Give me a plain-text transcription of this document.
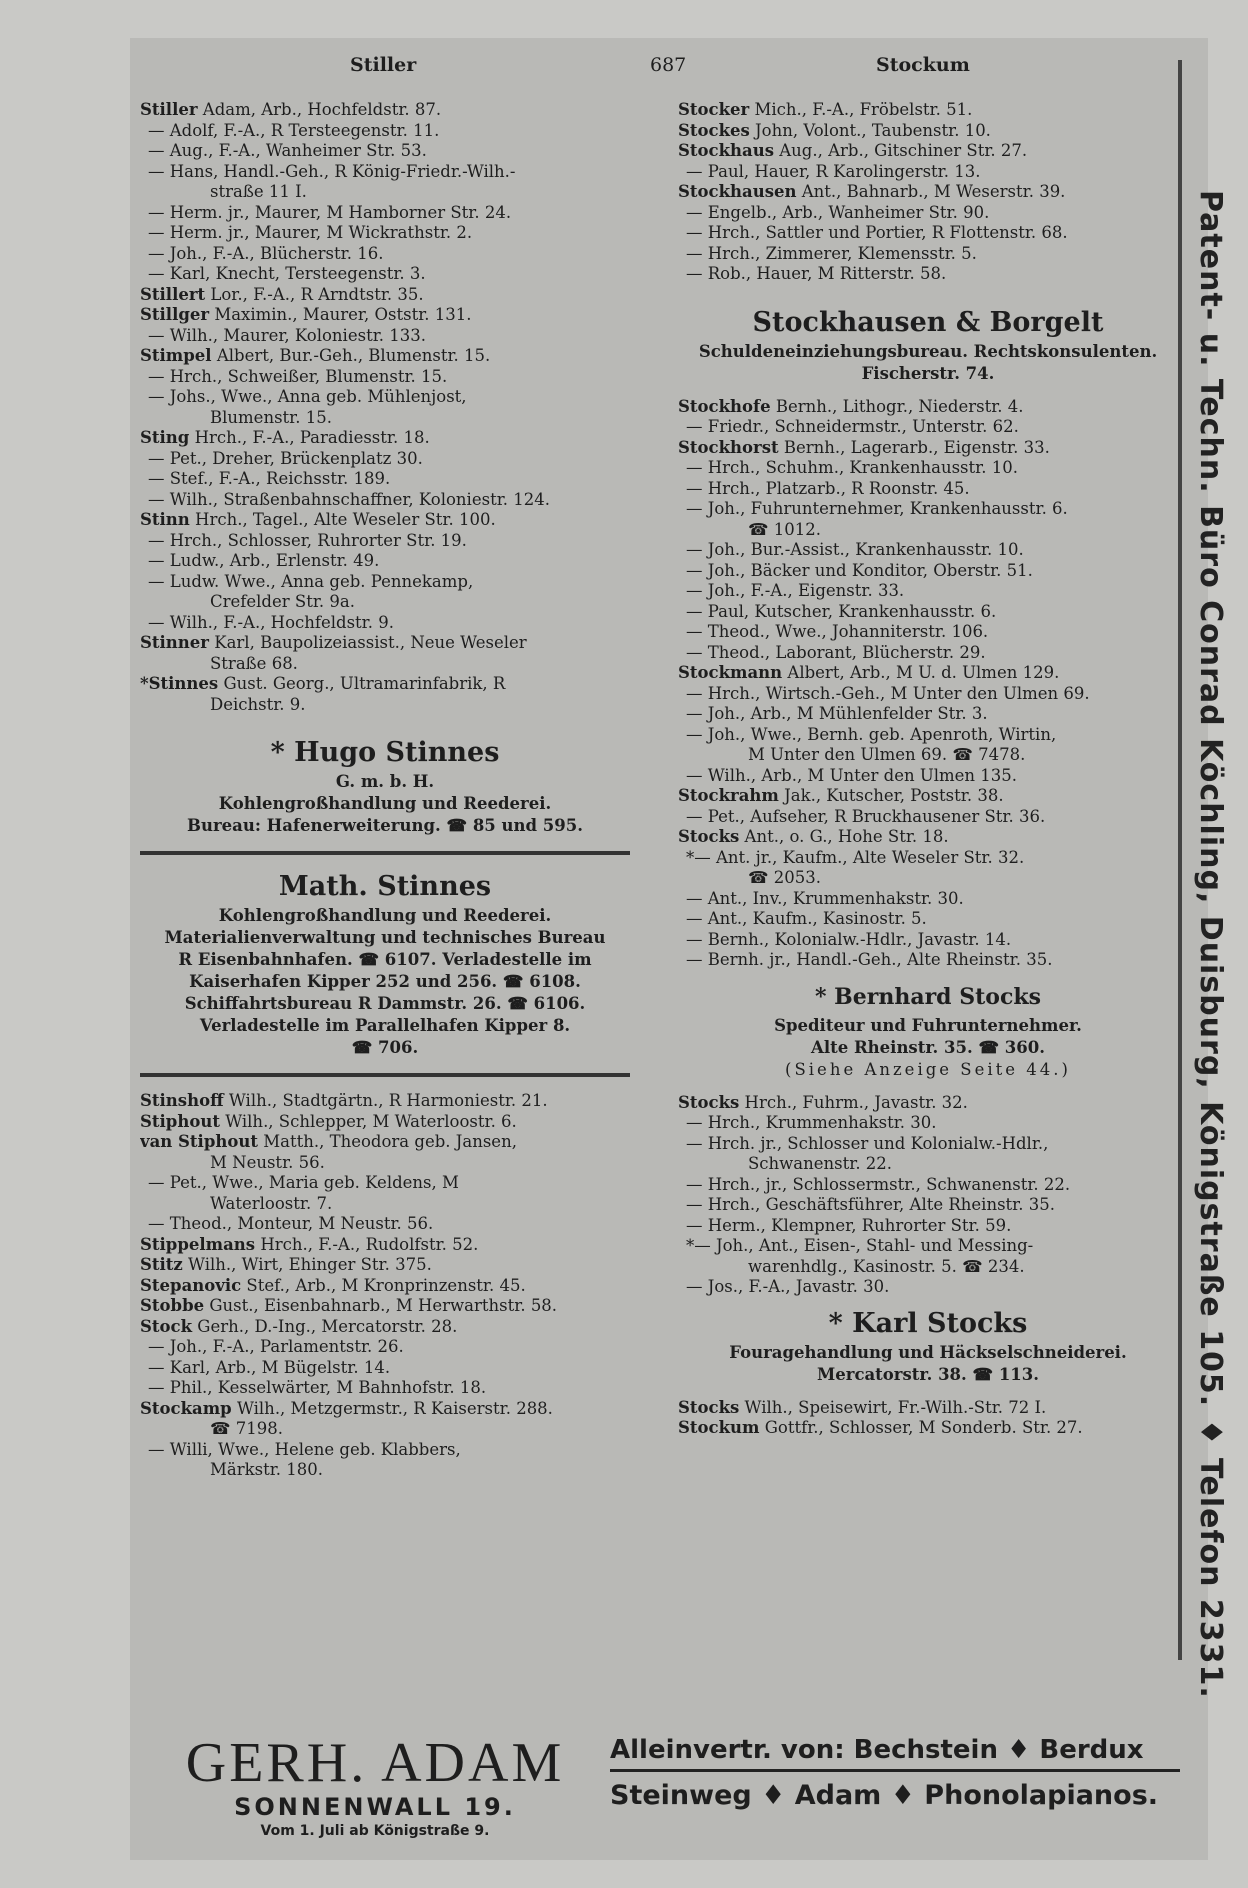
Stiller	687	Stockum
Stiller Adam, Arb., Hochfeldstr. 87.
— Adolf, F.-A., R Tersteegenstr. 11.
— Aug., F.-A., Wanheimer Str. 53.
— Hans, Handl.-Geh., R König-Friedr.-Wilh.-
straße 11 I.
— Herm. jr., Maurer, M Hamborner Str. 24.
— Herm. jr., Maurer, M Wickrathstr. 2.
— Joh., F.-A., Blücherstr. 16.
— Karl, Knecht, Tersteegenstr. 3.
Stillert Lor., F.-A., R Arndtstr. 35.
Stillger Maximin., Maurer, Oststr. 131.
— Wilh., Maurer, Koloniestr. 133.
Stimpel Albert, Bur.-Geh., Blumenstr. 15.
— Hrch., Schweißer, Blumenstr. 15.
— Johs., Wwe., Anna geb. Mühlenjost,
Blumenstr. 15.
Sting Hrch., F.-A., Paradiesstr. 18.
— Pet., Dreher, Brückenplatz 30.
— Stef., F.-A., Reichsstr. 189.
— Wilh., Straßenbahnschaffner, Koloniestr. 124.
Stinn Hrch., Tagel., Alte Weseler Str. 100.
— Hrch., Schlosser, Ruhrorter Str. 19.
— Ludw., Arb., Erlenstr. 49.
— Ludw. Wwe., Anna geb. Pennekamp,
Crefelder Str. 9a.
— Wilh., F.-A., Hochfeldstr. 9.
Stinner Karl, Baupolizeiassist., Neue Weseler
Straße 68.
*Stinnes Gust. Georg., Ultramarinfabrik, R
Deichstr. 9.
* Hugo Stinnes
G. m. b. H.
Kohlengroßhandlung und Reederei.
Bureau: Hafenerweiterung. ☎ 85 und 595.
Math. Stinnes
Kohlengroßhandlung und Reederei.
Materialienverwaltung und technisches Bureau
R Eisenbahnhafen. ☎ 6107. Verladestelle im
Kaiserhafen Kipper 252 und 256. ☎ 6108.
Schiffahrtsbureau R Dammstr. 26. ☎ 6106.
Verladestelle im Parallelhafen Kipper 8.
☎ 706.
Stinshoff Wilh., Stadtgärtn., R Harmoniestr. 21.
Stiphout Wilh., Schlepper, M Waterloostr. 6.
van Stiphout Matth., Theodora geb. Jansen,
M Neustr. 56.
— Pet., Wwe., Maria geb. Keldens, M
Waterloostr. 7.
— Theod., Monteur, M Neustr. 56.
Stippelmans Hrch., F.-A., Rudolfstr. 52.
Stitz Wilh., Wirt, Ehinger Str. 375.
Stepanovic Stef., Arb., M Kronprinzenstr. 45.
Stobbe Gust., Eisenbahnarb., M Herwarthstr. 58.
Stock Gerh., D.-Ing., Mercatorstr. 28.
— Joh., F.-A., Parlamentstr. 26.
— Karl, Arb., M Bügelstr. 14.
— Phil., Kesselwärter, M Bahnhofstr. 18.
Stockamp Wilh., Metzgermstr., R Kaiserstr. 288.
☎ 7198.
— Willi, Wwe., Helene geb. Klabbers,
Märkstr. 180.
Stocker Mich., F.-A., Fröbelstr. 51.
Stockes John, Volont., Taubenstr. 10.
Stockhaus Aug., Arb., Gitschiner Str. 27.
— Paul, Hauer, R Karolingerstr. 13.
Stockhausen Ant., Bahnarb., M Weserstr. 39.
— Engelb., Arb., Wanheimer Str. 90.
— Hrch., Sattler und Portier, R Flottenstr. 68.
— Hrch., Zimmerer, Klemensstr. 5.
— Rob., Hauer, M Ritterstr. 58.
Stockhausen & Borgelt
Schuldeneinziehungsbureau. Rechtskonsulenten.
Fischerstr. 74.
Stockhofe Bernh., Lithogr., Niederstr. 4.
— Friedr., Schneidermstr., Unterstr. 62.
Stockhorst Bernh., Lagerarb., Eigenstr. 33.
— Hrch., Schuhm., Krankenhausstr. 10.
— Hrch., Platzarb., R Roonstr. 45.
— Joh., Fuhrunternehmer, Krankenhausstr. 6.
☎ 1012.
— Joh., Bur.-Assist., Krankenhausstr. 10.
— Joh., Bäcker und Konditor, Oberstr. 51.
— Joh., F.-A., Eigenstr. 33.
— Paul, Kutscher, Krankenhausstr. 6.
— Theod., Wwe., Johanniterstr. 106.
— Theod., Laborant, Blücherstr. 29.
Stockmann Albert, Arb., M U. d. Ulmen 129.
— Hrch., Wirtsch.-Geh., M Unter den Ulmen 69.
— Joh., Arb., M Mühlenfelder Str. 3.
— Joh., Wwe., Bernh. geb. Apenroth, Wirtin,
M Unter den Ulmen 69. ☎ 7478.
— Wilh., Arb., M Unter den Ulmen 135.
Stockrahm Jak., Kutscher, Poststr. 38.
— Pet., Aufseher, R Bruckhausener Str. 36.
Stocks Ant., o. G., Hohe Str. 18.
*— Ant. jr., Kaufm., Alte Weseler Str. 32.
☎ 2053.
— Ant., Inv., Krummenhakstr. 30.
— Ant., Kaufm., Kasinostr. 5.
— Bernh., Kolonialw.-Hdlr., Javastr. 14.
— Bernh. jr., Handl.-Geh., Alte Rheinstr. 35.
* Bernhard Stocks
Spediteur und Fuhrunternehmer.
Alte Rheinstr. 35. ☎ 360.
(Siehe Anzeige Seite 44.)
Stocks Hrch., Fuhrm., Javastr. 32.
— Hrch., Krummenhakstr. 30.
— Hrch. jr., Schlosser und Kolonialw.-Hdlr.,
Schwanenstr. 22.
— Hrch., jr., Schlossermstr., Schwanenstr. 22.
— Hrch., Geschäftsführer, Alte Rheinstr. 35.
— Herm., Klempner, Ruhrorter Str. 59.
*— Joh., Ant., Eisen-, Stahl- und Messing-
warenhdlg., Kasinostr. 5. ☎ 234.
— Jos., F.-A., Javastr. 30.
* Karl Stocks
Fouragehandlung und Häckselschneiderei.
Mercatorstr. 38. ☎ 113.
Stocks Wilh., Speisewirt, Fr.-Wilh.-Str. 72 I.
Stockum Gottfr., Schlosser, M Sonderb. Str. 27.	Patent- u. Techn. Büro Conrad Köchling, Duisburg, Königstraße 105. ♦ Telefon 2331.
GERH. ADAM
SONNENWALL 19.
Vom 1. Juli ab Königstraße 9.
Alleinvertr. von: Bechstein ♦ Berdux
Steinweg ♦ Adam ♦ Phonolapianos.
